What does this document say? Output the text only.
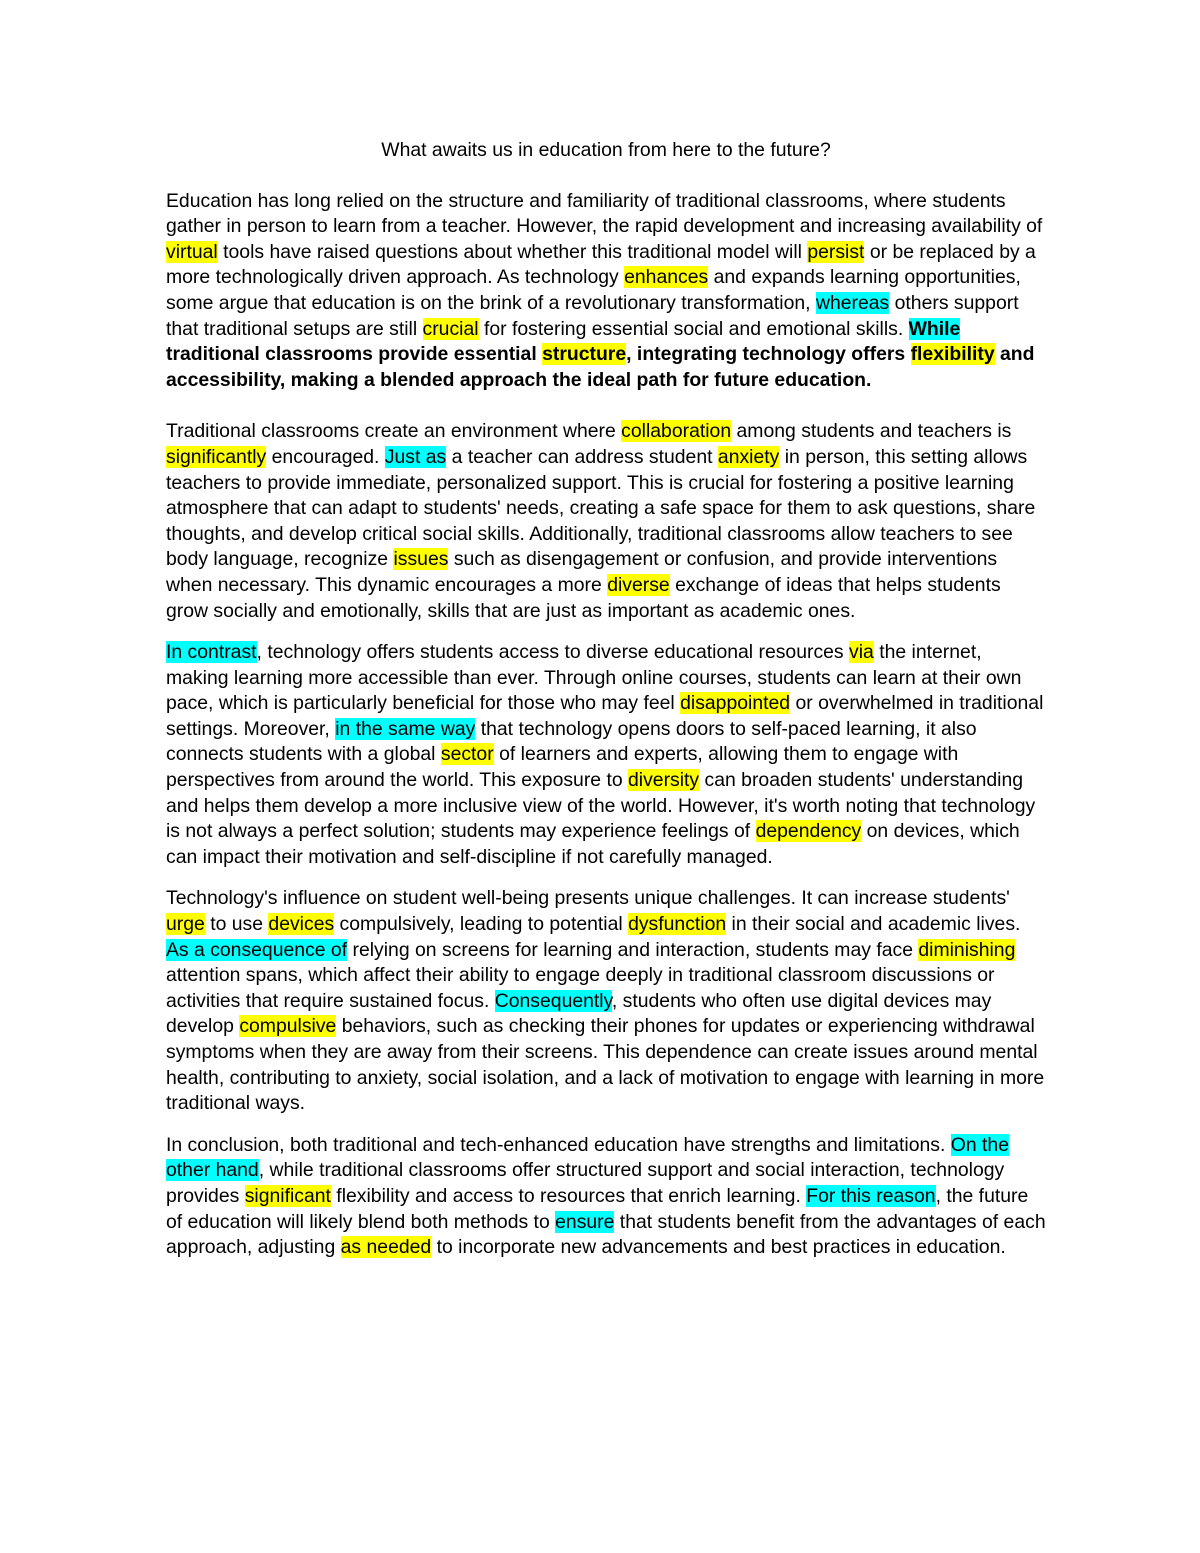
What awaits us in education from here to the future?

Education has long relied on the structure and familiarity of traditional classrooms, where students gather in person to learn from a teacher. However, the rapid development and increasing availability of virtual tools have raised questions about whether this traditional model will persist or be replaced by a more technologically driven approach. As technology enhances and expands learning opportunities, some argue that education is on the brink of a revolutionary transformation, whereas others support that traditional setups are still crucial for fostering essential social and emotional skills. While traditional classrooms provide essential structure, integrating technology offers flexibility and accessibility, making a blended approach the ideal path for future education.

Traditional classrooms create an environment where collaboration among students and teachers is significantly encouraged. Just as a teacher can address student anxiety in person, this setting allows teachers to provide immediate, personalized support. This is crucial for fostering a positive learning atmosphere that can adapt to students' needs, creating a safe space for them to ask questions, share thoughts, and develop critical social skills. Additionally, traditional classrooms allow teachers to see body language, recognize issues such as disengagement or confusion, and provide interventions when necessary. This dynamic encourages a more diverse exchange of ideas that helps students grow socially and emotionally, skills that are just as important as academic ones.

In contrast, technology offers students access to diverse educational resources via the internet, making learning more accessible than ever. Through online courses, students can learn at their own pace, which is particularly beneficial for those who may feel disappointed or overwhelmed in traditional settings. Moreover, in the same way that technology opens doors to self-paced learning, it also connects students with a global sector of learners and experts, allowing them to engage with perspectives from around the world. This exposure to diversity can broaden students' understanding and helps them develop a more inclusive view of the world. However, it's worth noting that technology is not always a perfect solution; students may experience feelings of dependency on devices, which can impact their motivation and self-discipline if not carefully managed.

Technology's influence on student well-being presents unique challenges. It can increase students' urge to use devices compulsively, leading to potential dysfunction in their social and academic lives. As a consequence of relying on screens for learning and interaction, students may face diminishing attention spans, which affect their ability to engage deeply in traditional classroom discussions or activities that require sustained focus. Consequently, students who often use digital devices may develop compulsive behaviors, such as checking their phones for updates or experiencing withdrawal symptoms when they are away from their screens. This dependence can create issues around mental health, contributing to anxiety, social isolation, and a lack of motivation to engage with learning in more traditional ways.

In conclusion, both traditional and tech-enhanced education have strengths and limitations. On the other hand, while traditional classrooms offer structured support and social interaction, technology provides significant flexibility and access to resources that enrich learning. For this reason, the future of education will likely blend both methods to ensure that students benefit from the advantages of each approach, adjusting as needed to incorporate new advancements and best practices in education.
